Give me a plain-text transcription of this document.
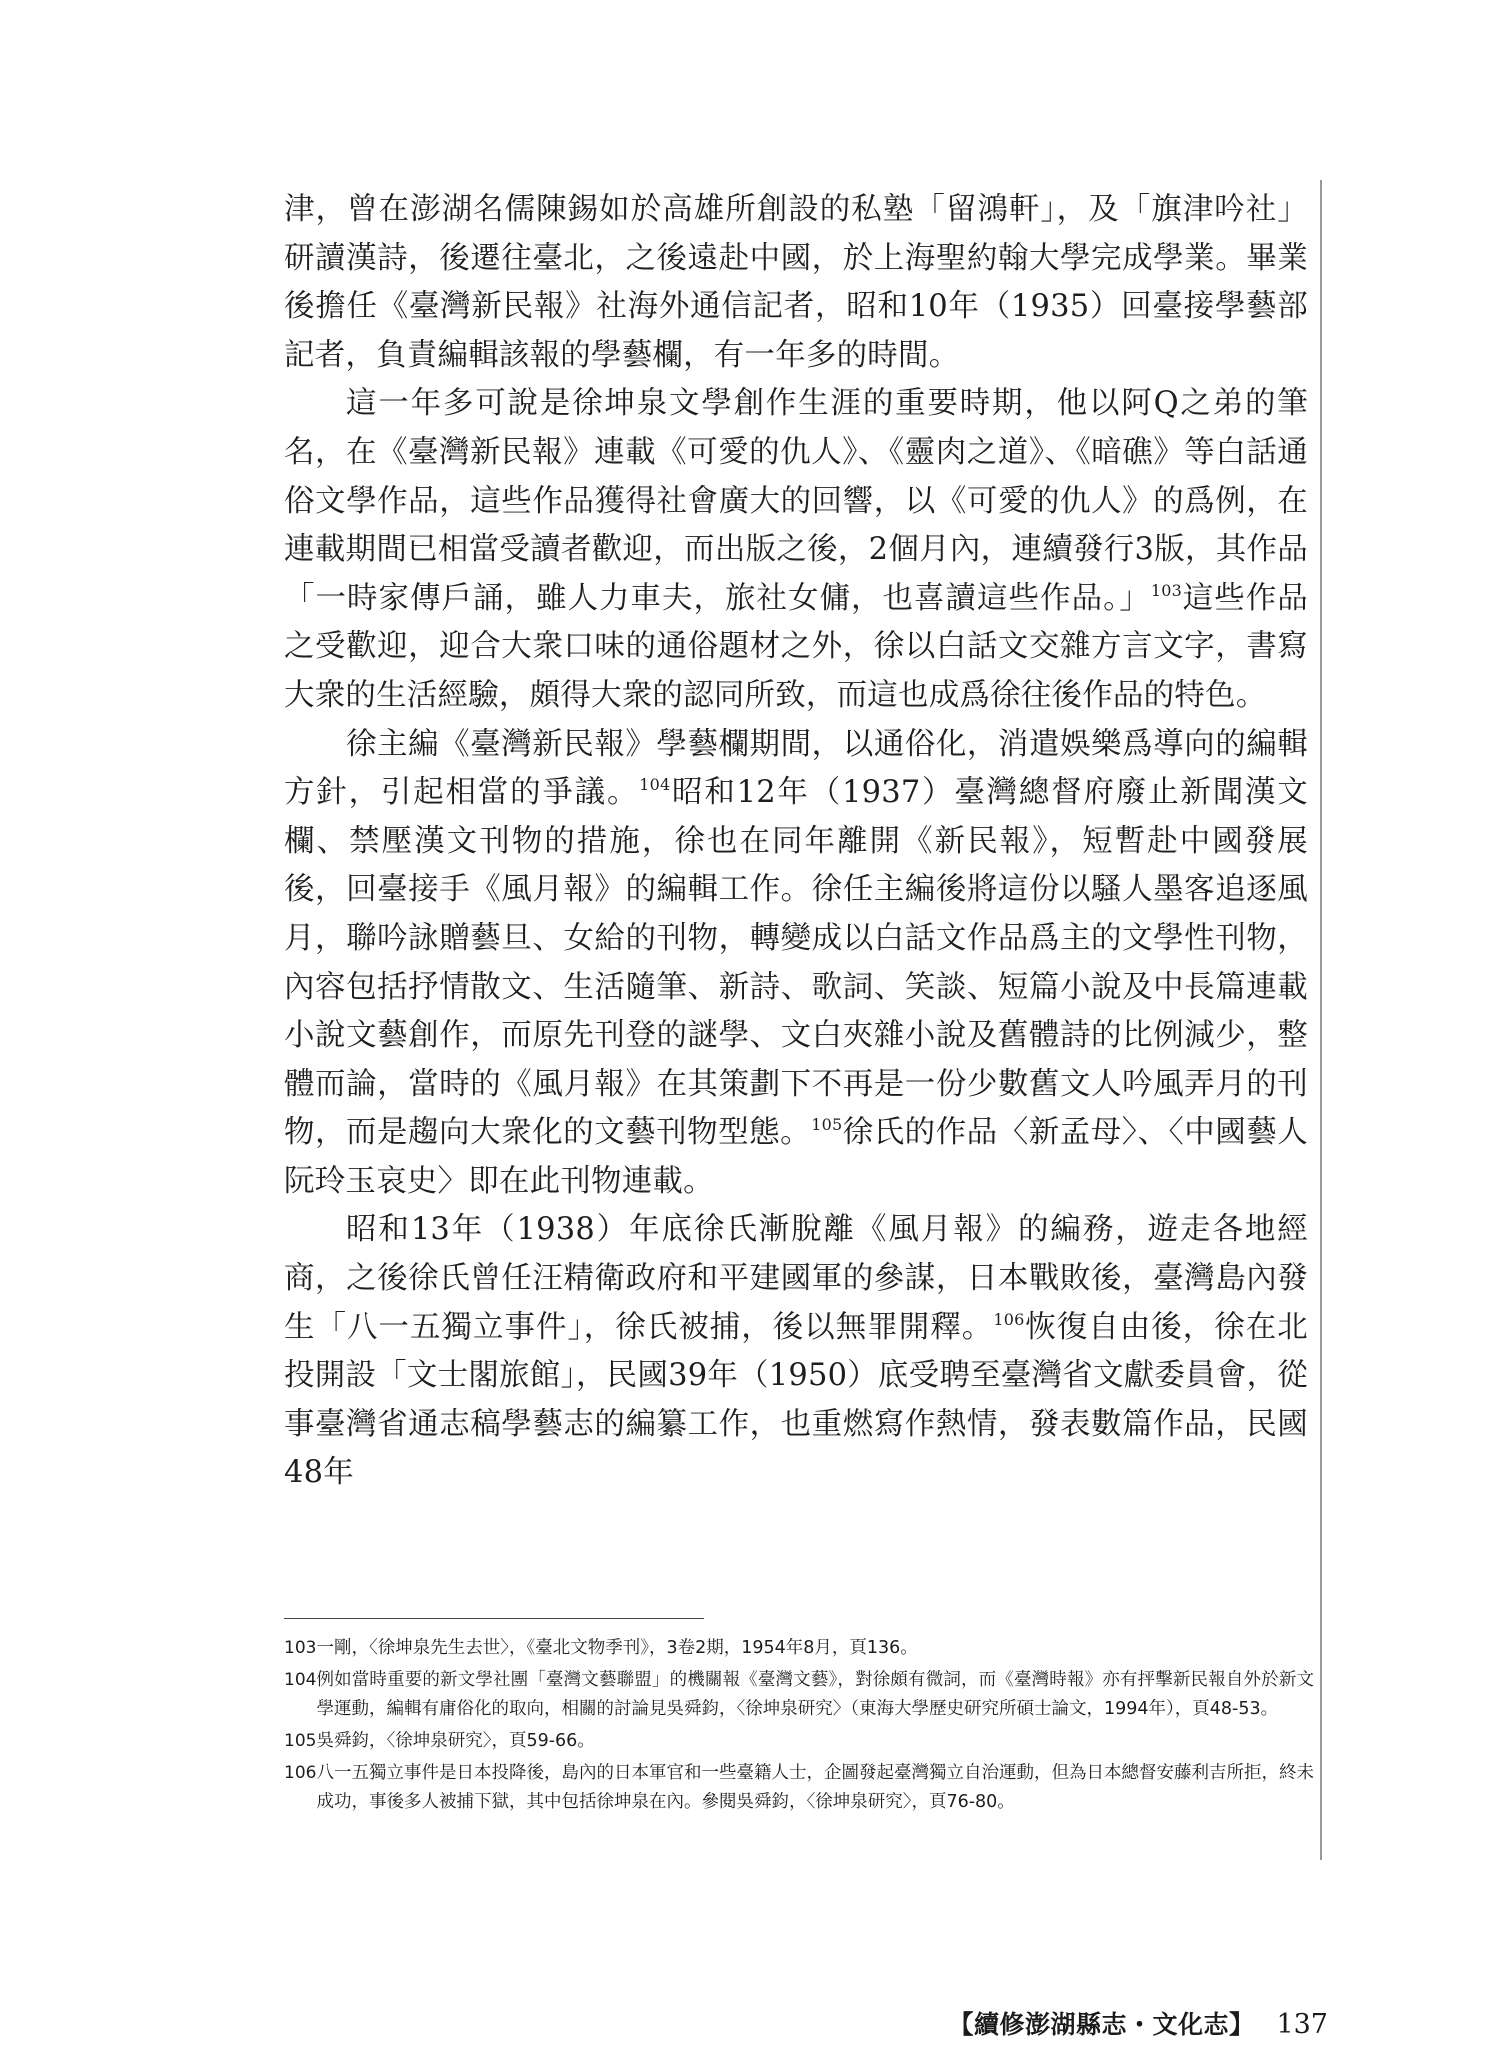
津，曾在澎湖名儒陳錫如於高雄所創設的私塾「留鴻軒」，及「旗津吟社」研讀漢詩，後遷往臺北，之後遠赴中國，於上海聖約翰大學完成學業。畢業後擔任《臺灣新民報》社海外通信記者，昭和10年（1935）回臺接學藝部記者，負責編輯該報的學藝欄，有一年多的時間。

這一年多可說是徐坤泉文學創作生涯的重要時期，他以阿Q之弟的筆名，在《臺灣新民報》連載《可愛的仇人》、《靈肉之道》、《暗礁》等白話通俗文學作品，這些作品獲得社會廣大的回響，以《可愛的仇人》的爲例，在連載期間已相當受讀者歡迎，而出版之後，2個月內，連續發行3版，其作品「一時家傳戶誦，雖人力車夫，旅社女傭，也喜讀這些作品。」$^{103}$這些作品之受歡迎，迎合大衆口味的通俗題材之外，徐以白話文交雜方言文字，書寫大衆的生活經驗，頗得大衆的認同所致，而這也成爲徐往後作品的特色。

徐主編《臺灣新民報》學藝欄期間，以通俗化，消遣娛樂爲導向的編輯方針，引起相當的爭議。$^{104}$昭和12年（1937）臺灣總督府廢止新聞漢文欄、禁壓漢文刊物的措施，徐也在同年離開《新民報》，短暫赴中國發展後，回臺接手《風月報》的編輯工作。徐任主編後將這份以騷人墨客追逐風月，聯吟詠贈藝旦、女給的刊物，轉變成以白話文作品爲主的文學性刊物，內容包括抒情散文、生活隨筆、新詩、歌詞、笑談、短篇小說及中長篇連載小說文藝創作，而原先刊登的謎學、文白夾雜小說及舊體詩的比例減少，整體而論，當時的《風月報》在其策劃下不再是一份少數舊文人吟風弄月的刊物，而是趨向大衆化的文藝刊物型態。$^{105}$徐氏的作品〈新孟母〉、〈中國藝人阮玲玉哀史〉即在此刊物連載。

昭和13年（1938）年底徐氏漸脫離《風月報》的編務，遊走各地經商，之後徐氏曾任汪精衛政府和平建國軍的參謀，日本戰敗後，臺灣島內發生「八一五獨立事件」，徐氏被捕，後以無罪開釋。$^{106}$恢復自由後，徐在北投開設「文士閣旅館」，民國39年（1950）底受聘至臺灣省文獻委員會，從事臺灣省通志稿學藝志的編纂工作，也重燃寫作熱情，發表數篇作品，民國48年

103 一剛，〈徐坤泉先生去世〉，《臺北文物季刊》，3卷2期，1954年8月，頁136。
104 例如當時重要的新文學社團「臺灣文藝聯盟」的機關報《臺灣文藝》，對徐頗有微詞，而《臺灣時報》亦有抨擊新民報自外於新文學運動，編輯有庸俗化的取向，相關的討論見吳舜鈞，〈徐坤泉研究〉（東海大學歷史研究所碩士論文，1994年），頁48-53。
105 吳舜鈞，〈徐坤泉研究〉，頁59-66。
106 八一五獨立事件是日本投降後，島內的日本軍官和一些臺籍人士，企圖發起臺灣獨立自治運動，但為日本總督安藤利吉所拒，終未成功，事後多人被捕下獄，其中包括徐坤泉在內。參閱吳舜鈞，〈徐坤泉研究〉，頁76-80。
【續修澎湖縣志・文化志】 137
